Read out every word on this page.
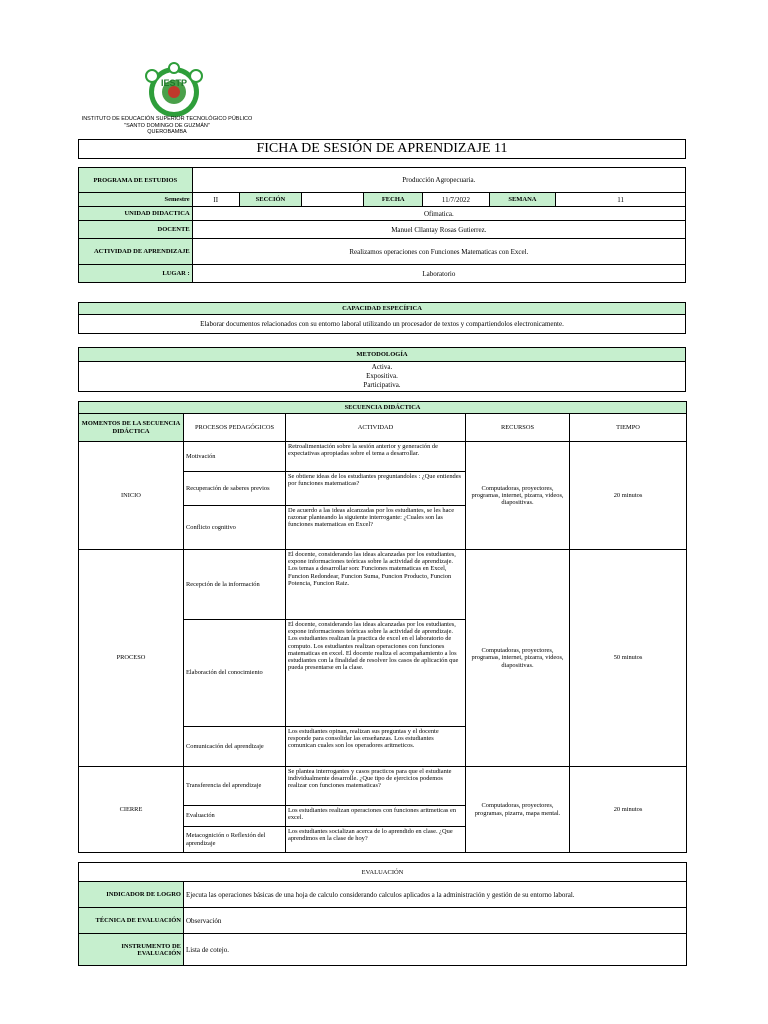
IESTP
INSTITUTO DE EDUCACIÓN SUPERIOR TECNOLÓGICO PÚBLICO
"SANTO DOMINGO DE GUZMÁN"
QUEROBAMBA
FICHA DE SESIÓN DE APRENDIZAJE 11
PROGRAMA DE ESTUDIOS	Producción Agropecuaria.						
Semestre	II	SECCIÓN		FECHA	11/7/2022	SEMANA	11
UNIDAD DIDACTICA	Ofimatica.						
DOCENTE	Manuel Cllantay Rosas Gutierrez.						
ACTIVIDAD DE APRENDIZAJE	Realizamos operaciones con Funciones Matematicas con Excel.						
LUGAR :	Laboratorio						
CAPACIDAD ESPECÍFICA
Elaborar documentos relacionados con su entorno laboral utilizando un procesador de textos y compartiendolos electronicamente.
METODOLOGÍA

Activa.
Expositiva.
Participativa.
SECUENCIA DIDÁCTICA				
MOMENTOS DE LA SECUENCIA DIDÁCTICA	PROCESOS PEDAGÓGICOS	ACTIVIDAD	RECURSOS	TIEMPO
INICIO	Motivación	Retroalimentación sobre la sesión anterior y generación de expectativas apropiadas sobre el tema a desarrollar.	Computadoras, proyectores, programas, internet, pizarra, videos, diapositivas.	20 minutos
	Recuperación de saberes previos	Se obtiene ideas de los estudiantes preguntandoles : ¿Que entiendes por funciones matematicas?		
	Conflicto cognitivo	De acuerdo a las ideas alcanzadas por los estudiantes, se les hace razonar planteando la siguiente interrogante: ¿Cuales son las funciones matematicas en Excel?		
PROCESO	Recepción de la información	El docente, considerando las ideas alcanzadas por los estudiantes, expone informaciones teóricas sobre la actividad de aprendizaje. Los temas a desarrollar son: Funciones matematicas en Excel, Funcion Redondear, Funcion Suma, Funcion Producto, Funcion Potencia, Funcion Raiz.	Computadoras, proyectores, programas, internet, pizarra, videos, diapositivas.	50 minutos
	Elaboración del conocimiento	El docente, considerando las ideas alcanzadas por los estudiantes, expone informaciones teóricas sobre la actividad de aprendizaje. Los estudiantes realizan la practica de excel en el laboratorio de computo. Los estudiantes realizan operaciones con funciones matematicas en excel. El docente realiza el acompañamiento a los estudiantes con la finalidad de resolver los casos de aplicación que pueda presentarse en la clase.		
	Comunicación del aprendizaje	Los estudiantes opinan, realizan sus preguntas y el docente responde para consolidar las enseñanzas. Los estudiantes comunican cuales son los operadores aritmeticos.		
CIERRE	Transferencia del aprendizaje	Se plantea interrogantes y casos practicos para que el estudiante individualmente desarrolle. ¿Que tipo de ejercicios podemos realizar con funciones matematicas?	Computadoras, proyectores, programas, pizarra, mapa mental.	20 minutos
	Evaluación	Los estudiantes realizan operaciones con funciones aritmeticas en excel.		
	Metacognición o Reflexión del aprendizaje	Los estudiantes socializan acerca de lo aprendido en clase. ¿Que aprendimos en la clase de hoy?		
EVALUACIÓN	
INDICADOR DE LOGRO	Ejecuta las operaciones básicas de una hoja de calculo considerando calculos aplicados a la administración y gestión de su entorno laboral.
TÉCNICA DE EVALUACIÓN	Observación
INSTRUMENTO DE EVALUACIÓN	Lista de cotejo.
